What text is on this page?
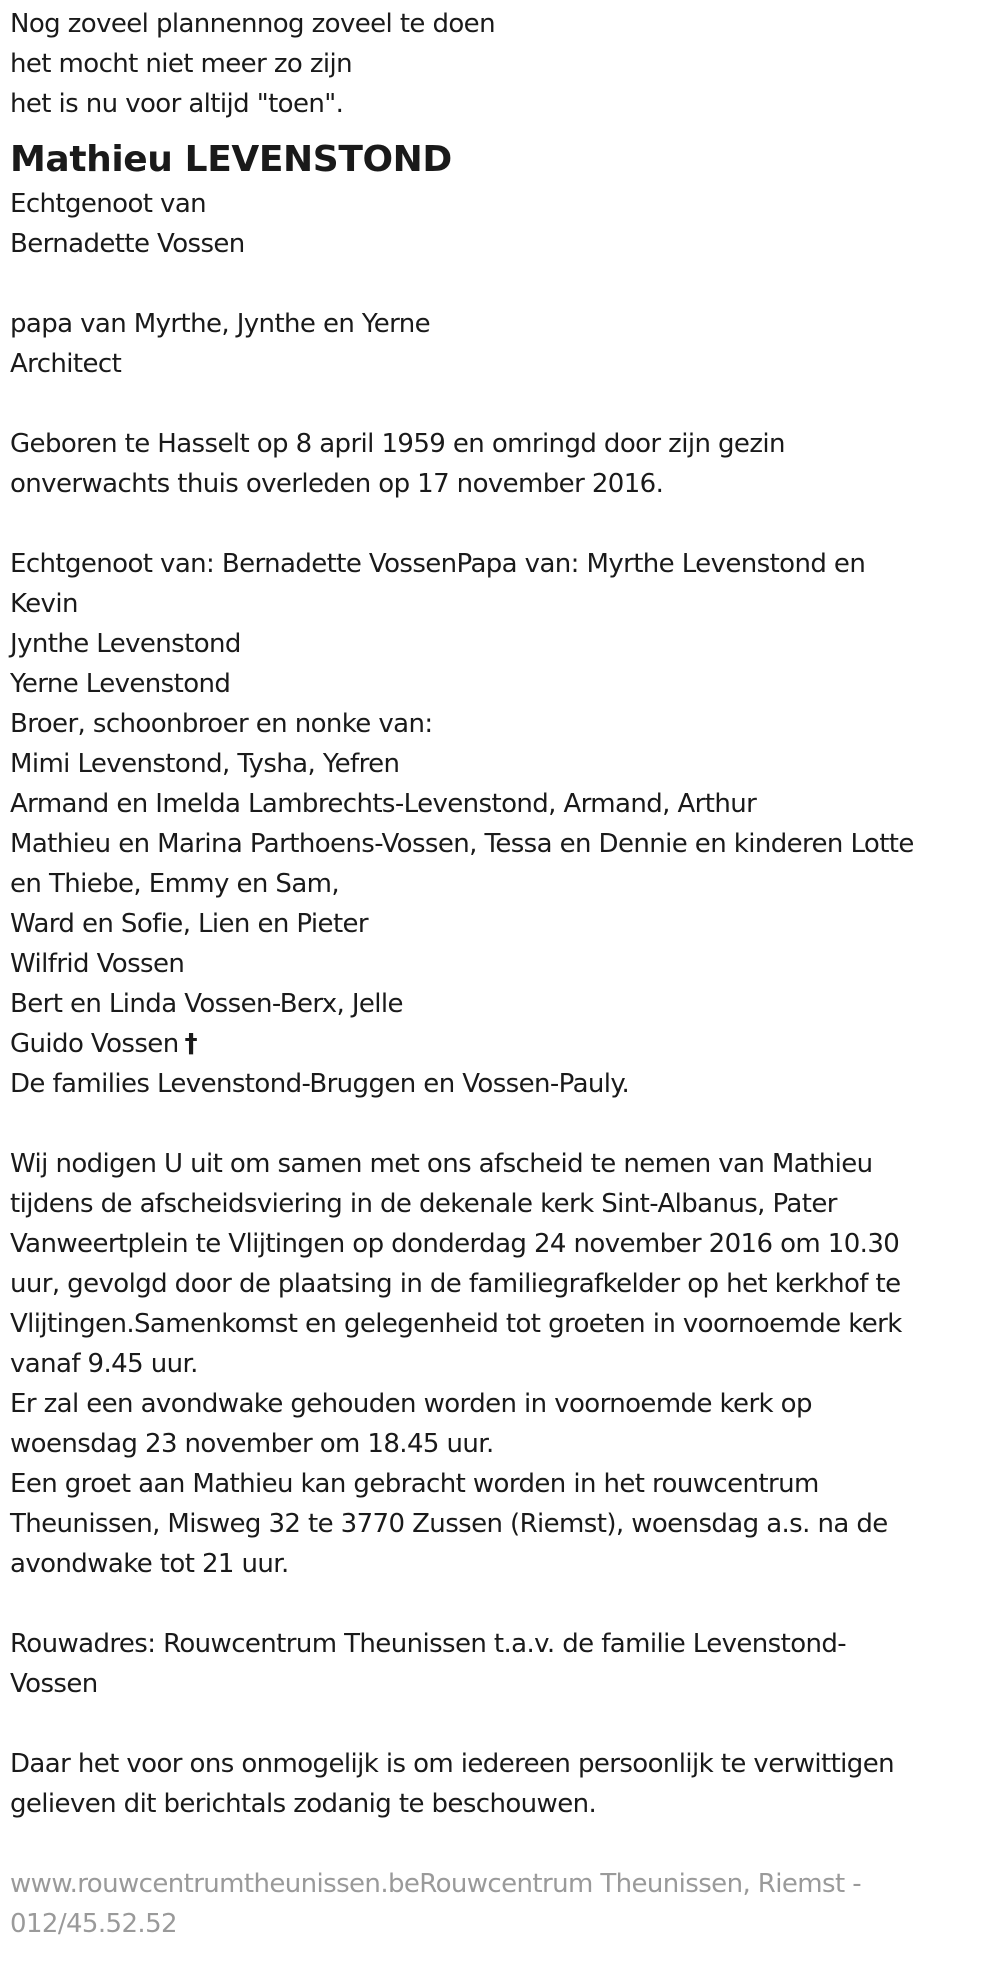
Nog zoveel plannennog zoveel te doen
het mocht niet meer zo zijn
het is nu voor altijd "toen".
Mathieu LEVENSTOND
Echtgenoot van
Bernadette Vossen
papa van Myrthe, Jynthe en Yerne
Architect
Geboren te Hasselt op 8 april 1959 en omringd door zijn gezin
onverwachts thuis overleden op 17 november 2016.
Echtgenoot van: Bernadette VossenPapa van: Myrthe Levenstond en
Kevin
Jynthe Levenstond
Yerne Levenstond
Broer, schoonbroer en nonke van:
Mimi Levenstond, Tysha, Yefren
Armand en Imelda Lambrechts-Levenstond, Armand, Arthur
Mathieu en Marina Parthoens-Vossen, Tessa en Dennie en kinderen Lotte
en Thiebe, Emmy en Sam,
Ward en Sofie, Lien en Pieter
Wilfrid Vossen
Bert en Linda Vossen-Berx, Jelle
Guido Vossen †
De families Levenstond-Bruggen en Vossen-Pauly.
Wij nodigen U uit om samen met ons afscheid te nemen van Mathieu
tijdens de afscheidsviering in de dekenale kerk Sint-Albanus, Pater
Vanweertplein te Vlijtingen op donderdag 24 november 2016 om 10.30
uur, gevolgd door de plaatsing in de familiegrafkelder op het kerkhof te
Vlijtingen.Samenkomst en gelegenheid tot groeten in voornoemde kerk
vanaf 9.45 uur.
Er zal een avondwake gehouden worden in voornoemde kerk op
woensdag 23 november om 18.45 uur.
Een groet aan Mathieu kan gebracht worden in het rouwcentrum
Theunissen, Misweg 32 te 3770 Zussen (Riemst), woensdag a.s. na de
avondwake tot 21 uur.
Rouwadres: Rouwcentrum Theunissen t.a.v. de familie Levenstond-
Vossen
Daar het voor ons onmogelijk is om iedereen persoonlijk te verwittigen
gelieven dit berichtals zodanig te beschouwen.
www.rouwcentrumtheunissen.beRouwcentrum Theunissen, Riemst -
012/45.52.52
